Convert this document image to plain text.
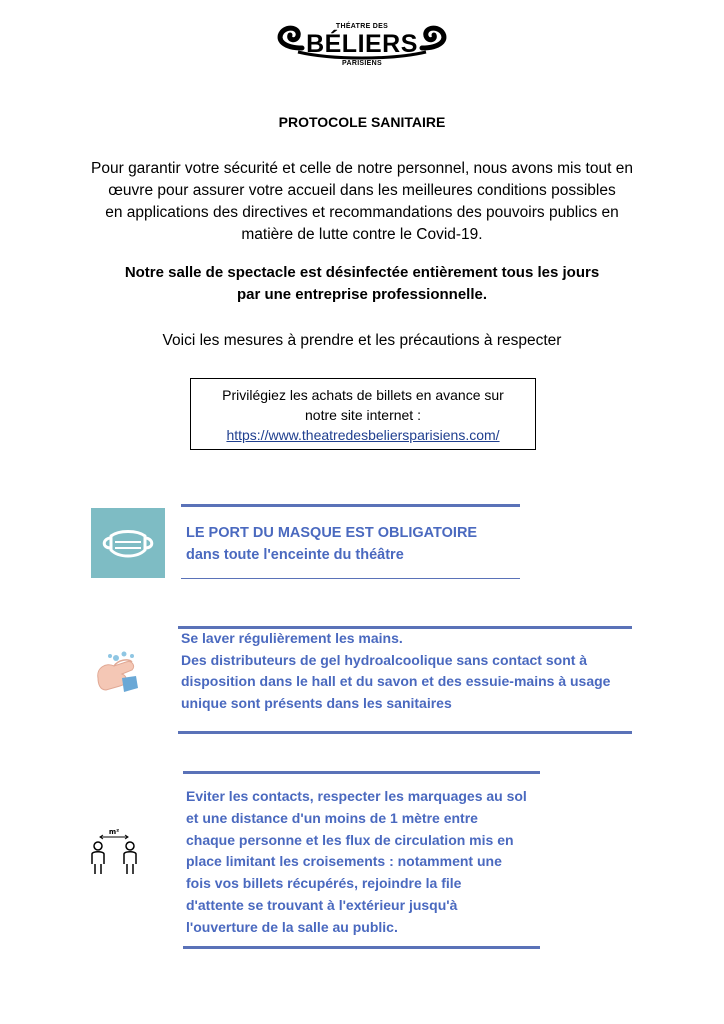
THÉATRE DES
BÉLIERS
PARISIENS
PROTOCOLE SANITAIRE
Pour garantir votre sécurité et celle de notre personnel, nous avons mis tout en
œuvre pour assurer votre accueil dans les meilleures conditions possibles
en applications des directives et recommandations des pouvoirs publics en
matière de lutte contre le Covid-19.
Notre salle de spectacle est désinfectée entièrement tous les jours
par une entreprise professionnelle.
Voici les mesures à prendre et les précautions à respecter
Privilégiez les achats de billets en avance sur
notre site internet :
https://www.theatredesbeliersparisiens.com/
LE PORT DU MASQUE EST OBLIGATOIRE
dans toute l'enceinte du théâtre
Se laver régulièrement les mains.
Des distributeurs de gel hydroalcoolique sans contact sont à
disposition dans le hall et du savon et des essuie-mains à usage
unique sont présents dans les sanitaires
m²
Eviter les contacts, respecter les marquages au sol
et une distance d'un moins de 1 mètre entre
chaque personne et les flux de circulation mis en
place limitant les croisements : notamment une
fois vos billets récupérés, rejoindre la file
d'attente se trouvant à l'extérieur jusqu'à
l'ouverture de la salle au public.
